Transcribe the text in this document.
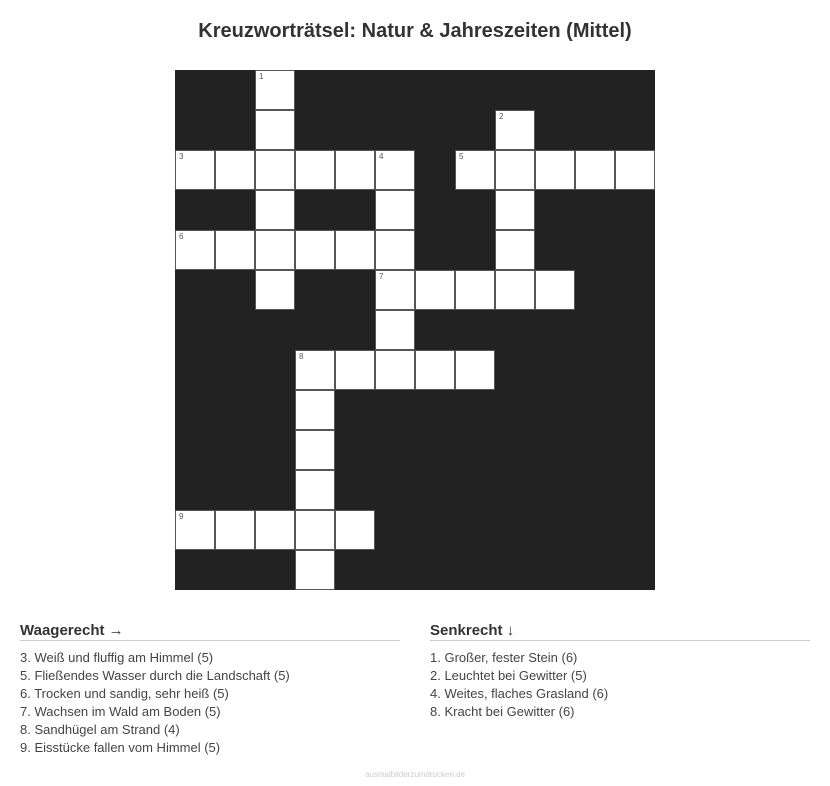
Kreuzworträtsel: Natur & Jahreszeiten (Mittel)
1
2
3	4	5
6
7
8
9
Waagerecht →
3. Weiß und fluffig am Himmel (5)
5. Fließendes Wasser durch die Landschaft (5)
6. Trocken und sandig, sehr heiß (5)
7. Wachsen im Wald am Boden (5)
8. Sandhügel am Strand (4)
9. Eisstücke fallen vom Himmel (5)
Senkrecht ↓
1. Großer, fester Stein (6)
2. Leuchtet bei Gewitter (5)
4. Weites, flaches Grasland (6)
8. Kracht bei Gewitter (6)
ausmalbilderzumdrucken.de
